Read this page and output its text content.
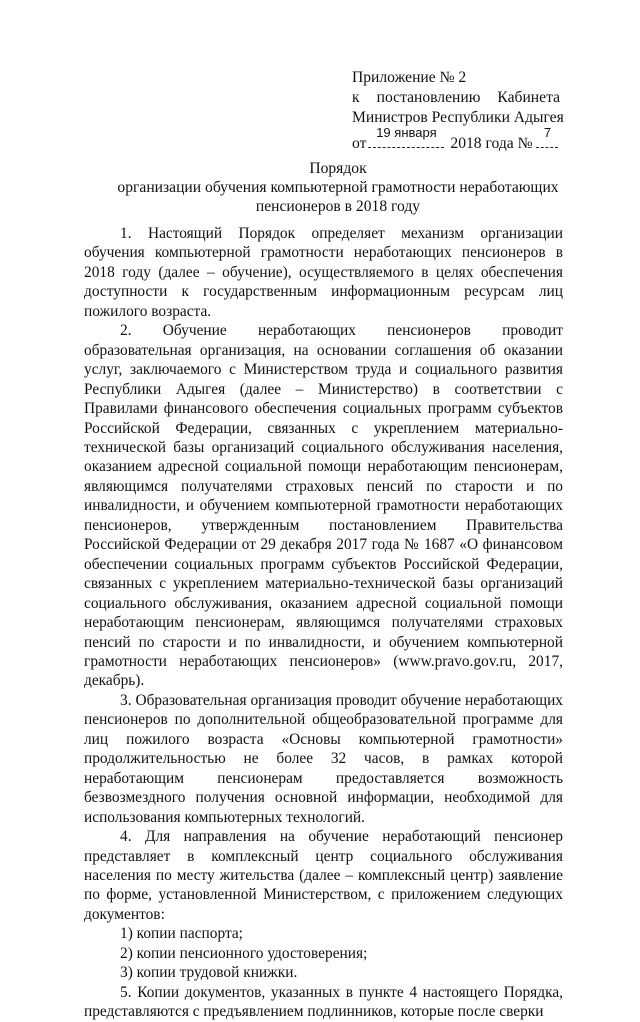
Приложение № 2
к постановлению Кабинета
Министров Республики Адыгея
от
19 января
2018 года №
7
Порядок
организации обучения компьютерной грамотности неработающих
пенсионеров в 2018 году

1. Настоящий Порядок определяет механизм организации обучения компьютерной грамотности неработающих пенсионеров в 2018 году (далее – обучение), осуществляемого в целях обеспечения доступности к государственным информационным ресурсам лиц пожилого возраста.

2. Обучение неработающих пенсионеров проводит образовательная организация, на основании соглашения об оказании услуг, заключаемого с Министерством труда и социального развития Республики Адыгея (далее – Министерство) в соответствии с Правилами финансового обеспечения социальных программ субъектов Российской Федерации, связанных с укреплением материально-технической базы организаций социального обслуживания населения, оказанием адресной социальной помощи неработающим пенсионерам, являющимся получателями страховых пенсий по старости и по инвалидности, и обучением компьютерной грамотности неработающих пенсионеров, утвержденным постановлением Правительства Российской Федерации от 29 декабря 2017 года № 1687 «О финансовом обеспечении социальных программ субъектов Российской Федерации, связанных с укреплением материально-технической базы организаций социального обслуживания, оказанием адресной социальной помощи неработающим пенсионерам, являющимся получателями страховых пенсий по старости и по инвалидности, и обучением компьютерной грамотности неработающих пенсионеров» (www.pravo.gov.ru, 2017, декабрь).

3. Образовательная организация проводит обучение неработающих пенсионеров по дополнительной общеобразовательной программе для лиц пожилого возраста «Основы компьютерной грамотности» продолжительностью не более 32 часов, в рамках которой неработающим пенсионерам предоставляется возможность безвозмездного получения основной информации, необходимой для использования компьютерных технологий.

4. Для направления на обучение неработающий пенсионер представляет в комплексный центр социального обслуживания населения по месту жительства (далее – комплексный центр) заявление по форме, установленной Министерством, с приложением следующих документов:

1) копии паспорта;

2) копии пенсионного удостоверения;

3) копии трудовой книжки.

5. Копии документов, указанных в пункте 4 настоящего Порядка, представляются с предъявлением подлинников, которые после сверки
